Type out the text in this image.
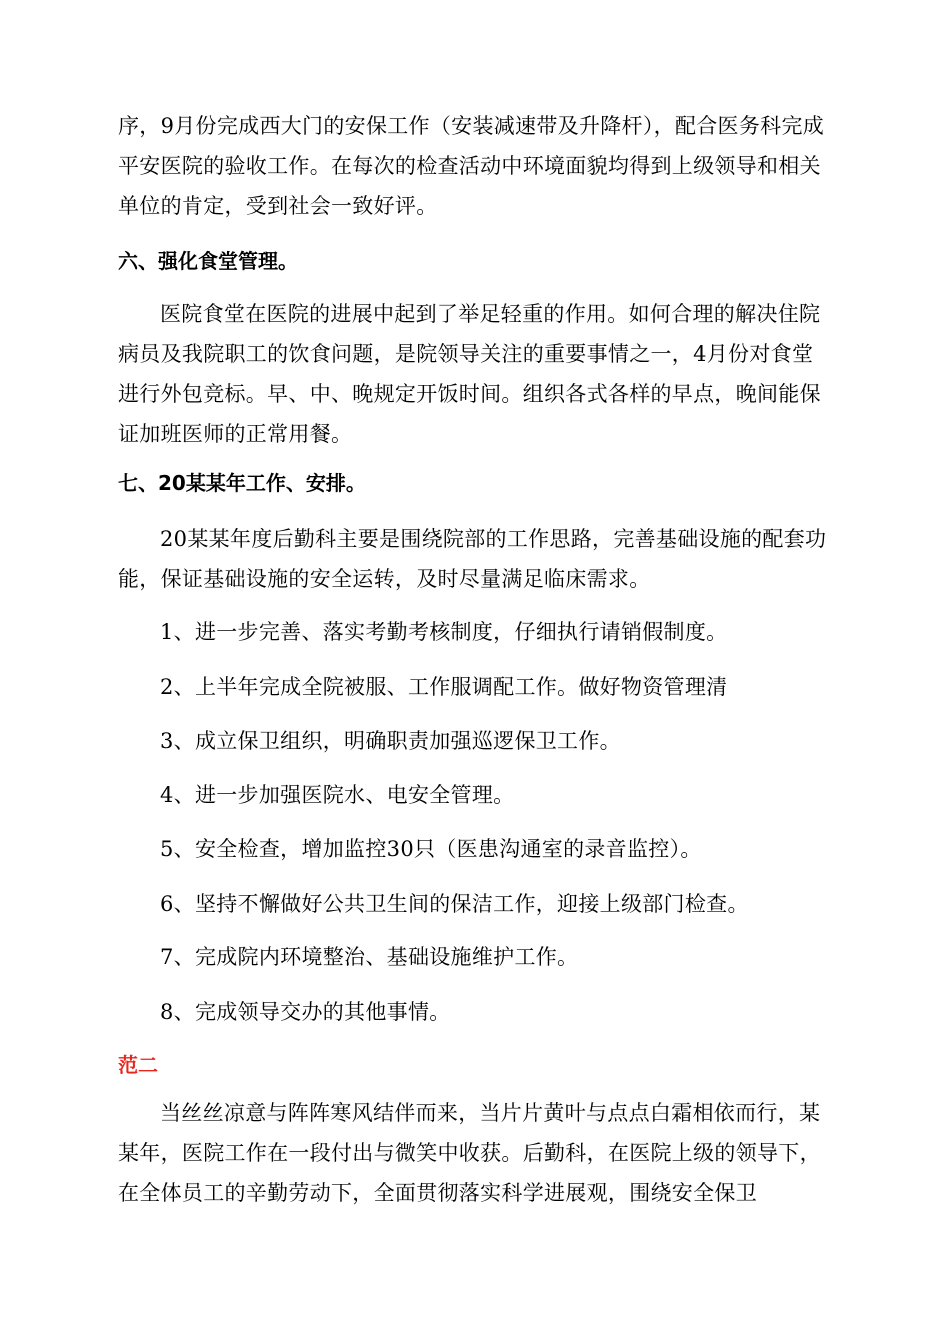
序，9月份完成西大门的安保工作（安装减速带及升降杆），配合医务科完成平安医院的验收工作。在每次的检查活动中环境面貌均得到上级领导和相关单位的肯定，受到社会一致好评。

六、强化食堂管理。

医院食堂在医院的进展中起到了举足轻重的作用。如何合理的解决住院病员及我院职工的饮食问题，是院领导关注的重要事情之一，4月份对食堂进行外包竞标。早、中、晚规定开饭时间。组织各式各样的早点，晚间能保证加班医师的正常用餐。

七、20某某年工作、安排。

20某某年度后勤科主要是围绕院部的工作思路，完善基础设施的配套功能，保证基础设施的安全运转，及时尽量满足临床需求。

1、进一步完善、落实考勤考核制度，仔细执行请销假制度。

2、上半年完成全院被服、工作服调配工作。做好物资管理清

3、成立保卫组织，明确职责加强巡逻保卫工作。

4、进一步加强医院水、电安全管理。

5、安全检查，增加监控30只（医患沟通室的录音监控）。

6、坚持不懈做好公共卫生间的保洁工作，迎接上级部门检查。

7、完成院内环境整治、基础设施维护工作。

8、完成领导交办的其他事情。

范二

当丝丝凉意与阵阵寒风结伴而来，当片片黄叶与点点白霜相依而行，某某年，医院工作在一段付出与微笑中收获。后勤科，在医院上级的领导下，在全体员工的辛勤劳动下，全面贯彻落实科学进展观，围绕安全保卫
